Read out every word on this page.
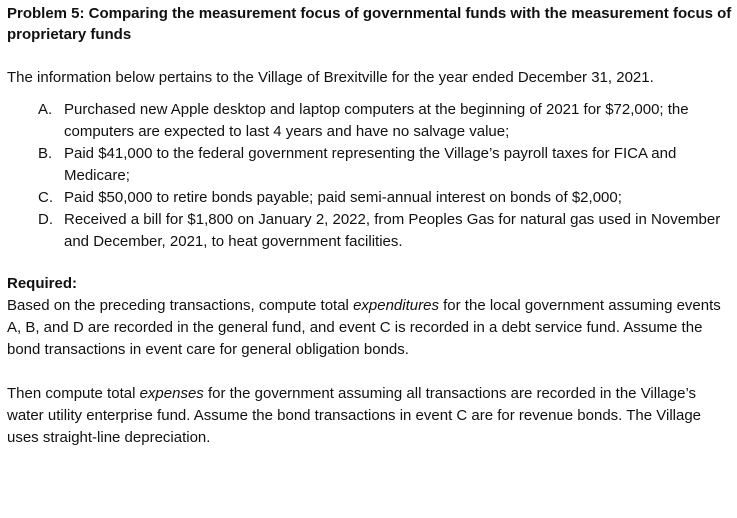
Problem 5: Comparing the measurement focus of governmental funds with the measurement focus of proprietary funds

The information below pertains to the Village of Brexitville for the year ended December 31, 2021.

A. Purchased new Apple desktop and laptop computers at the beginning of 2021 for $72,000; the computers are expected to last 4 years and have no salvage value;
B. Paid $41,000 to the federal government representing the Village’s payroll taxes for FICA and Medicare;
C. Paid $50,000 to retire bonds payable; paid semi-annual interest on bonds of $2,000;
D. Received a bill for $1,800 on January 2, 2022, from Peoples Gas for natural gas used in November and December, 2021, to heat government facilities.

Required:

Based on the preceding transactions, compute total expenditures for the local government assuming events A, B, and D are recorded in the general fund, and event C is recorded in a debt service fund. Assume the bond transactions in event care for general obligation bonds.

Then compute total expenses for the government assuming all transactions are recorded in the Village’s water utility enterprise fund. Assume the bond transactions in event C are for revenue bonds. The Village uses straight-line depreciation.
